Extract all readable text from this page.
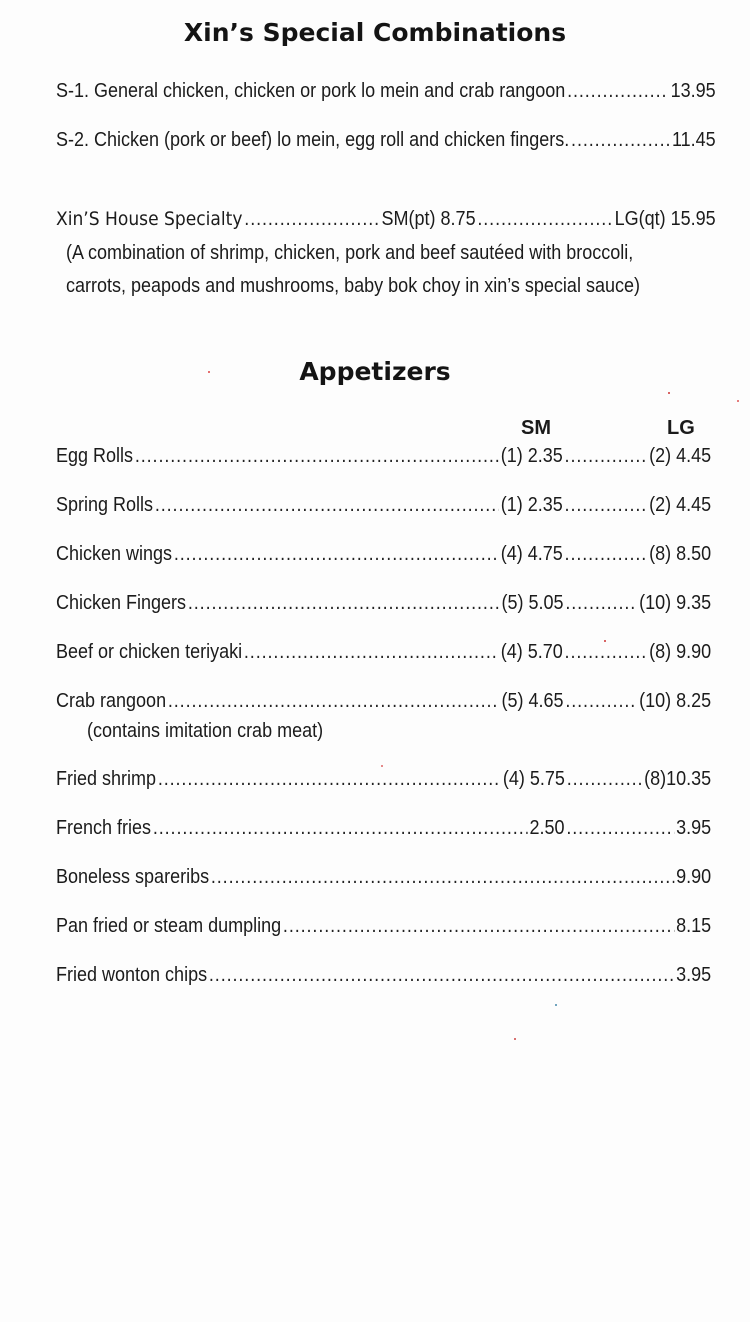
Xin’s Special Combinations
S-1. General chicken, chicken or pork lo mein and crab rangoon .....	13.95
S-2. Chicken (pork or beef) lo mein, egg roll and chicken fingers. .....	11.45
Xin’S House Specialty .....	SM(pt) 8.75 .....	LG(qt) 15.95
(A combination of shrimp, chicken, pork and beef sautéed with broccoli,
carrots, peapods and mushrooms, baby bok choy in xin’s special sauce)
Appetizers
SM	LG
Egg Rolls .....	(1) 2.35 .....	(2) 4.45
Spring Rolls .....	(1) 2.35 .....	(2) 4.45
Chicken wings .....	(4) 4.75 .....	(8) 8.50
Chicken Fingers .....	(5) 5.05 .....	(10) 9.35
Beef or chicken teriyaki .....	(4) 5.70 .....	(8) 9.90
Crab rangoon .....	(5) 4.65 .....	(10) 8.25
(contains imitation crab meat)
Fried shrimp .....	(4) 5.75 .....	(8)10.35
French fries .....	2.50 .....	3.95
Boneless spareribs .....	9.90
Pan fried or steam dumpling .....	8.15
Fried wonton chips .....	3.95
